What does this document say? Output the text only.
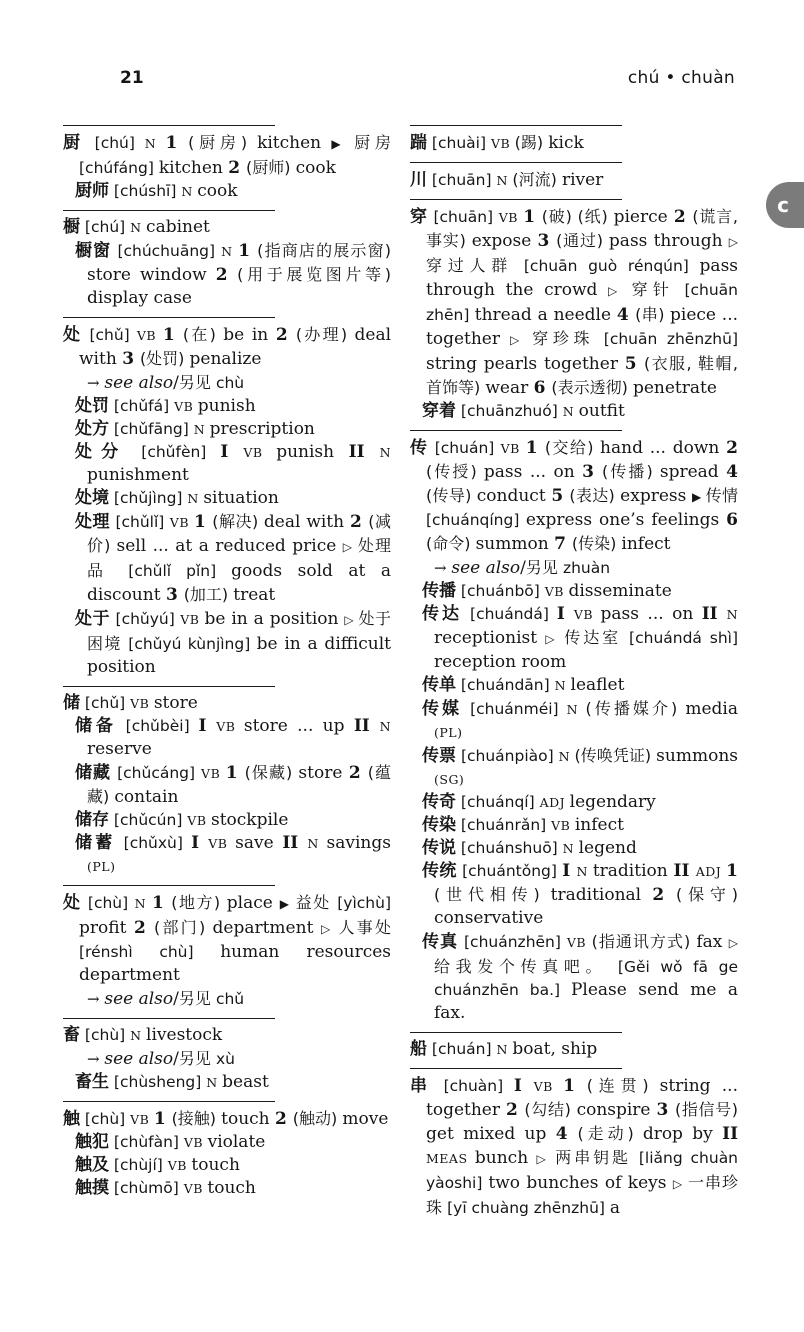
21	chú • chuàn
c

厨 [chú] N 1 (厨房) kitchen ▶ 厨房 [chúfáng] kitchen 2 (厨师) cook

厨师 [chúshī] N cook

橱 [chú] N cabinet

橱窗 [chúchuāng] N 1 (指商店的展示窗) store window 2 (用于展览图片等) display case

处 [chǔ] VB 1 (在) be in 2 (办理) deal with 3 (处罚) penalize

→ see also/另见 chù

处罚 [chǔfá] VB punish

处方 [chǔfāng] N prescription

处分 [chǔfèn] I VB punish II N punishment

处境 [chǔjìng] N situation

处理 [chǔlǐ] VB 1 (解决) deal with 2 (减价) sell ... at a reduced price ▷ 处理品 [chǔlǐ pǐn] goods sold at a discount 3 (加工) treat

处于 [chǔyú] VB be in a position ▷ 处于困境 [chǔyú kùnjìng] be in a difficult position

储 [chǔ] VB store

储备 [chǔbèi] I VB store ... up II N reserve

储藏 [chǔcáng] VB 1 (保藏) store 2 (蕴藏) contain

储存 [chǔcún] VB stockpile

储蓄 [chǔxù] I VB save II N savings (PL)

处 [chù] N 1 (地方) place ▶ 益处 [yìchù] profit 2 (部门) department ▷ 人事处 [rénshì chù] human resources department

→ see also/另见 chǔ

畜 [chù] N livestock

→ see also/另见 xù

畜生 [chùsheng] N beast

触 [chù] VB 1 (接触) touch 2 (触动) move

触犯 [chùfàn] VB violate

触及 [chùjí] VB touch

触摸 [chùmō] VB touch

踹 [chuài] VB (踢) kick

川 [chuān] N (河流) river

穿 [chuān] VB 1 (破) (纸) pierce 2 (谎言, 事实) expose 3 (通过) pass through ▷ 穿过人群 [chuān guò rénqún] pass through the crowd ▷ 穿针 [chuān zhēn] thread a needle 4 (串) piece ... together ▷ 穿珍珠 [chuān zhēnzhū] string pearls together 5 (衣服, 鞋帽, 首饰等) wear 6 (表示透彻) penetrate

穿着 [chuānzhuó] N outfit

传 [chuán] VB 1 (交给) hand ... down 2 (传授) pass ... on 3 (传播) spread 4 (传导) conduct 5 (表达) express ▶ 传情 [chuánqíng] express one’s feelings 6 (命令) summon 7 (传染) infect

→ see also/另见 zhuàn

传播 [chuánbō] VB disseminate

传达 [chuándá] I VB pass ... on II N receptionist ▷ 传达室 [chuándá shì] reception room

传单 [chuándān] N leaflet

传媒 [chuánméi] N (传播媒介) media (PL)

传票 [chuánpiào] N (传唤凭证) summons (SG)

传奇 [chuánqí] ADJ legendary

传染 [chuánrǎn] VB infect

传说 [chuánshuō] N legend

传统 [chuántǒng] I N tradition II ADJ 1 (世代相传) traditional 2 (保守) conservative

传真 [chuánzhēn] VB (指通讯方式) fax ▷ 给我发个传真吧。 [Gěi wǒ fā ge chuánzhēn ba.] Please send me a fax.

船 [chuán] N boat, ship

串 [chuàn] I VB 1 (连贯) string ... together 2 (勾结) conspire 3 (指信号) get mixed up 4 (走动) drop by II MEAS bunch ▷ 两串钥匙 [liǎng chuàn yàoshi] two bunches of keys ▷ 一串珍珠 [yī chuàng zhēnzhū] a
